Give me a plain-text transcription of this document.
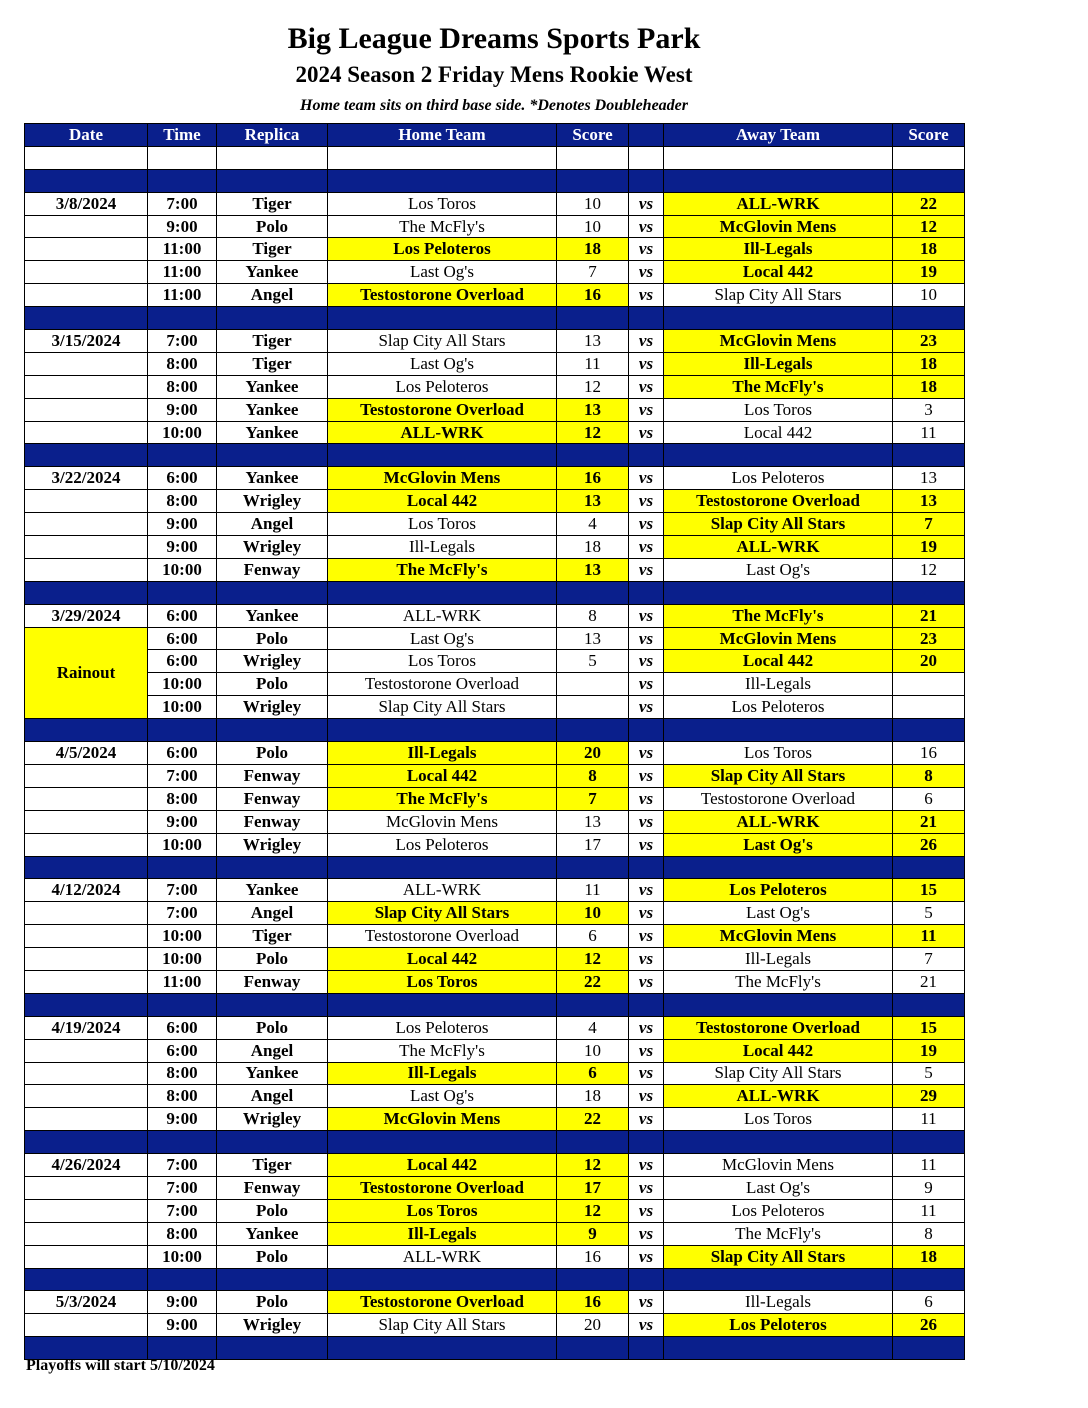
Big League Dreams Sports Park
2024 Season 2 Friday Mens Rookie West
Home team sits on third base side. *Denotes Doubleheader
Date	Time	Replica	Home Team	Score		Away Team	Score

3/8/2024	7:00	Tiger	Los Toros	10	vs	ALL-WRK	22
	9:00	Polo	The McFly's	10	vs	McGlovin Mens	12
	11:00	Tiger	Los Peloteros	18	vs	Ill-Legals	18
	11:00	Yankee	Last Og's	7	vs	Local 442	19
	11:00	Angel	Testostorone Overload	16	vs	Slap City All Stars	10

3/15/2024	7:00	Tiger	Slap City All Stars	13	vs	McGlovin Mens	23
	8:00	Tiger	Last Og's	11	vs	Ill-Legals	18
	8:00	Yankee	Los Peloteros	12	vs	The McFly's	18
	9:00	Yankee	Testostorone Overload	13	vs	Los Toros	3
	10:00	Yankee	ALL-WRK	12	vs	Local 442	11

3/22/2024	6:00	Yankee	McGlovin Mens	16	vs	Los Peloteros	13
	8:00	Wrigley	Local 442	13	vs	Testostorone Overload	13
	9:00	Angel	Los Toros	4	vs	Slap City All Stars	7
	9:00	Wrigley	Ill-Legals	18	vs	ALL-WRK	19
	10:00	Fenway	The McFly's	13	vs	Last Og's	12

3/29/2024	6:00	Yankee	ALL-WRK	8	vs	The McFly's	21
Rainout	6:00	Polo	Last Og's	13	vs	McGlovin Mens	23
	6:00	Wrigley	Los Toros	5	vs	Local 442	20
	10:00	Polo	Testostorone Overload		vs	Ill-Legals	
	10:00	Wrigley	Slap City All Stars		vs	Los Peloteros	

4/5/2024	6:00	Polo	Ill-Legals	20	vs	Los Toros	16
	7:00	Fenway	Local 442	8	vs	Slap City All Stars	8
	8:00	Fenway	The McFly's	7	vs	Testostorone Overload	6
	9:00	Fenway	McGlovin Mens	13	vs	ALL-WRK	21
	10:00	Wrigley	Los Peloteros	17	vs	Last Og's	26

4/12/2024	7:00	Yankee	ALL-WRK	11	vs	Los Peloteros	15
	7:00	Angel	Slap City All Stars	10	vs	Last Og's	5
	10:00	Tiger	Testostorone Overload	6	vs	McGlovin Mens	11
	10:00	Polo	Local 442	12	vs	Ill-Legals	7
	11:00	Fenway	Los Toros	22	vs	The McFly's	21

4/19/2024	6:00	Polo	Los Peloteros	4	vs	Testostorone Overload	15
	6:00	Angel	The McFly's	10	vs	Local 442	19
	8:00	Yankee	Ill-Legals	6	vs	Slap City All Stars	5
	8:00	Angel	Last Og's	18	vs	ALL-WRK	29
	9:00	Wrigley	McGlovin Mens	22	vs	Los Toros	11

4/26/2024	7:00	Tiger	Local 442	12	vs	McGlovin Mens	11
	7:00	Fenway	Testostorone Overload	17	vs	Last Og's	9
	7:00	Polo	Los Toros	12	vs	Los Peloteros	11
	8:00	Yankee	Ill-Legals	9	vs	The McFly's	8
	10:00	Polo	ALL-WRK	16	vs	Slap City All Stars	18

5/3/2024	9:00	Polo	Testostorone Overload	16	vs	Ill-Legals	6
	9:00	Wrigley	Slap City All Stars	20	vs	Los Peloteros	26

Playoffs will start 5/10/2024
